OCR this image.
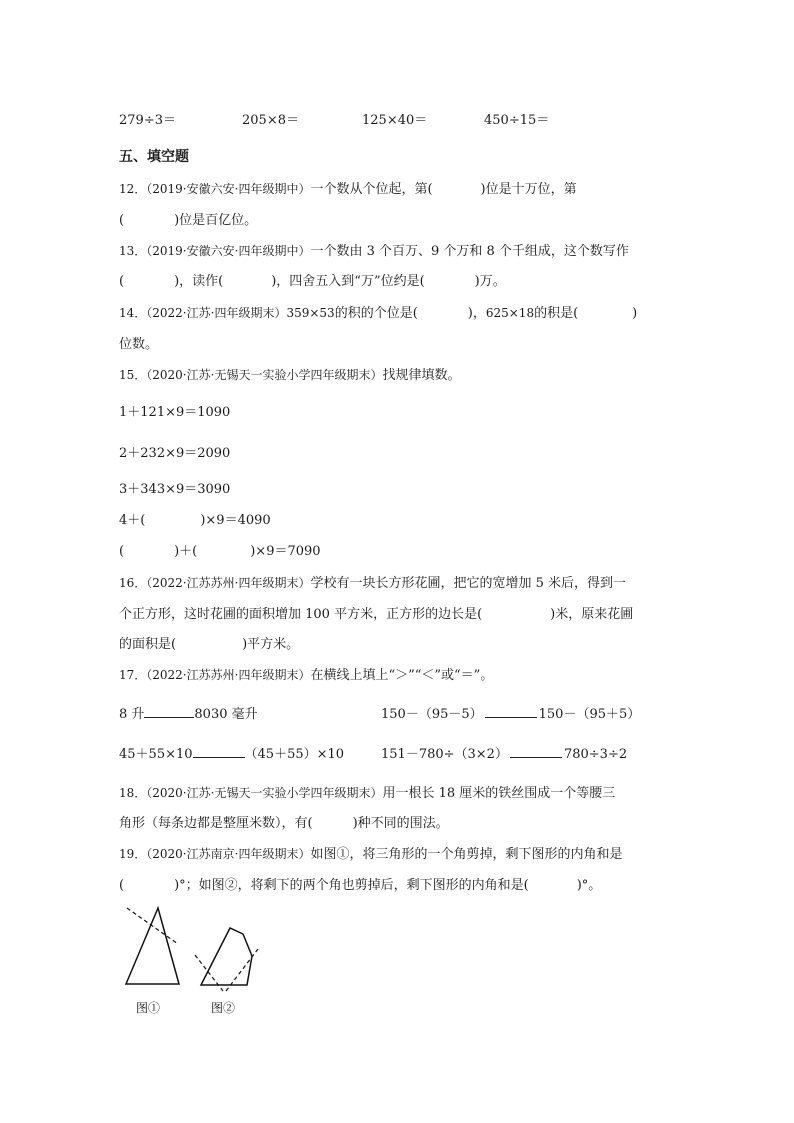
279÷3＝	205×8＝	125×40＝	450÷15＝
五、填空题
12．（2019·安徽六安·四年级期中）一个数从个位起，第(	)位是十万位，第
(	)位是百亿位。
13．（2019·安徽六安·四年级期中）一个数由 3 个百万、9 个万和 8 个千组成，这个数写作
(	)，读作(	)，四舍五入到“万”位约是(	)万。
14．（2022·江苏·四年级期末）359×53的积的个位是(	)，625×18的积是(	)
位数。
15．（2020·江苏·无锡天一实验小学四年级期末）找规律填数。
1＋121×9＝1090
2＋232×9＝2090
3＋343×9＝3090
4＋(	)×9＝4090
(	)＋(	)×9＝7090
16．（2022·江苏苏州·四年级期末）学校有一块长方形花圃，把它的宽增加 5 米后，得到一
个正方形，这时花圃的面积增加 100 平方米，正方形的边长是(	)米，原来花圃
的面积是(	)平方米。
17．（2022·江苏苏州·四年级期末）在横线上填上“＞”“＜”或“＝”。
8 升	8030 毫升	150－（95－5）	150－（95＋5）
45＋55×10	（45＋55）×10	151－780÷（3×2）	780÷3÷2
18．（2020·江苏·无锡天一实验小学四年级期末）用一根长 18 厘米的铁丝围成一个等腰三
角形（每条边都是整厘米数），有(	)种不同的围法。
19．（2020·江苏南京·四年级期末）如图①，将三角形的一个角剪掉，剩下图形的内角和是
(	)°；如图②，将剩下的两个角也剪掉后，剩下图形的内角和是(	)°。
图①	图②
